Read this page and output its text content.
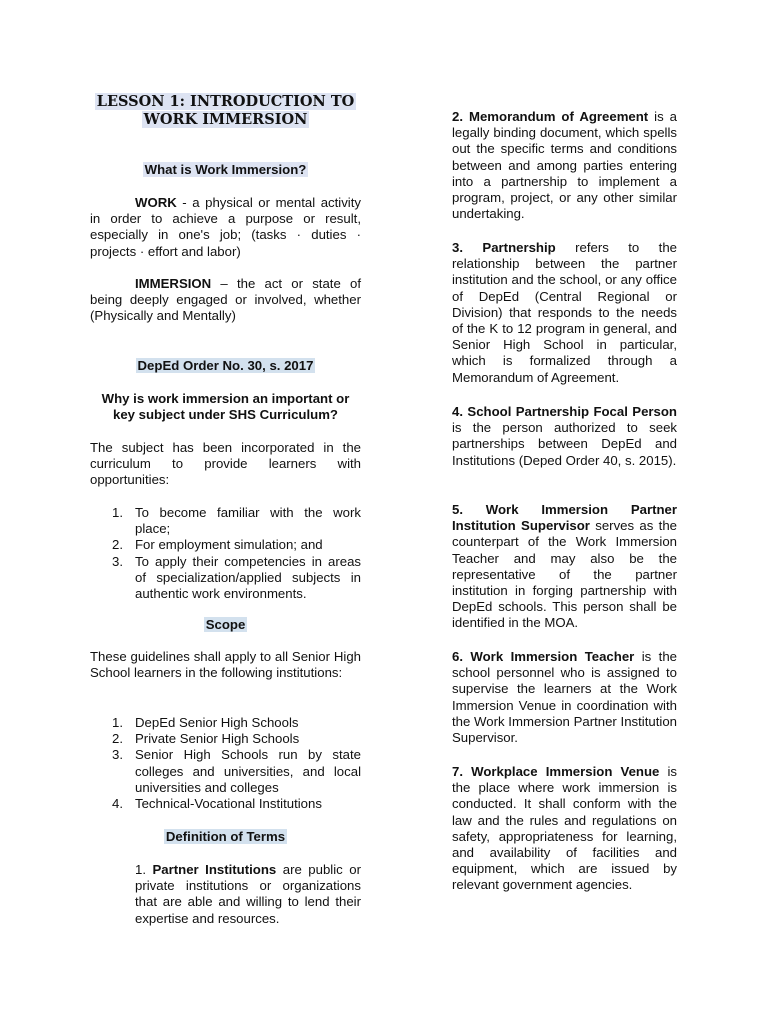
LESSON 1: INTRODUCTION TO
WORK IMMERSION
What is Work Immersion?
WORK - a physical or mental activity in order to achieve a purpose or result, especially in one's job; (tasks · duties · projects · effort and labor)
IMMERSION – the act or state of being deeply engaged or involved, whether (Physically and Mentally)
DepEd Order No. 30, s. 2017
Why is work immersion an important or key subject under SHS Curriculum?
The subject has been incorporated in the curriculum to provide learners with opportunities:
1. To become familiar with the work place;
2. For employment simulation; and
3. To apply their competencies in areas of specialization/applied subjects in authentic work environments.
Scope
These guidelines shall apply to all Senior High School learners in the following institutions:
1. DepEd Senior High Schools
2. Private Senior High Schools
3. Senior High Schools run by state colleges and universities, and local universities and colleges
4. Technical-Vocational Institutions
Definition of Terms
1. Partner Institutions are public or private institutions or organizations that are able and willing to lend their expertise and resources.
2. Memorandum of Agreement is a legally binding document, which spells out the specific terms and conditions between and among parties entering into a partnership to implement a program, project, or any other similar undertaking.
3. Partnership refers to the relationship between the partner institution and the school, or any office of DepEd (Central Regional or Division) that responds to the needs of the K to 12 program in general, and Senior High School in particular, which is formalized through a Memorandum of Agreement.
4. School Partnership Focal Person is the person authorized to seek partnerships between DepEd and Institutions (Deped Order 40, s. 2015).
5. Work Immersion Partner Institution Supervisor serves as the counterpart of the Work Immersion Teacher and may also be the representative of the partner institution in forging partnership with DepEd schools. This person shall be identified in the MOA.
6. Work Immersion Teacher is the school personnel who is assigned to supervise the learners at the Work Immersion Venue in coordination with the Work Immersion Partner Institution Supervisor.
7. Workplace Immersion Venue is the place where work immersion is conducted. It shall conform with the law and the rules and regulations on safety, appropriateness for learning, and availability of facilities and equipment, which are issued by relevant government agencies.
